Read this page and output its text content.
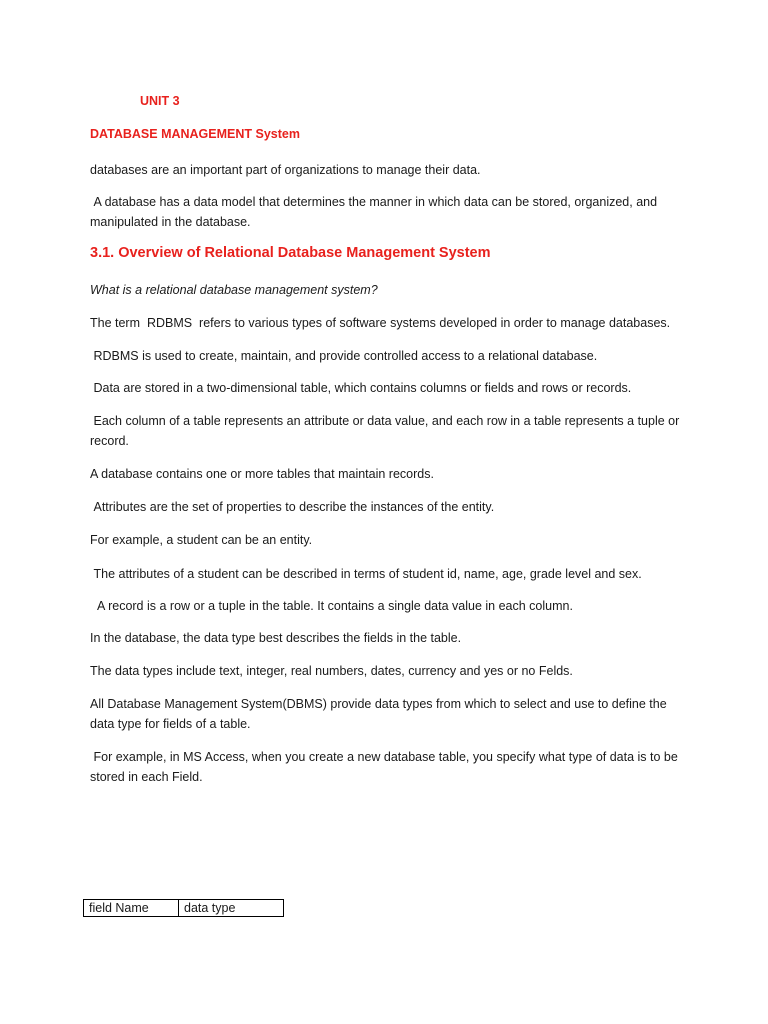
UNIT 3
DATABASE MANAGEMENT System
databases are an important part of organizations to manage their data.
A database has a data model that determines the manner in which data can be stored, organized, and manipulated in the database.
3.1. Overview of Relational Database Management System
What is a relational database management system?
The term  RDBMS  refers to various types of software systems developed in order to manage databases.
RDBMS is used to create, maintain, and provide controlled access to a relational database.
Data are stored in a two-dimensional table, which contains columns or fields and rows or records.
Each column of a table represents an attribute or data value, and each row in a table represents a tuple or record.
A database contains one or more tables that maintain records.
Attributes are the set of properties to describe the instances of the entity.
For example, a student can be an entity.
The attributes of a student can be described in terms of student id, name, age, grade level and sex.
A record is a row or a tuple in the table. It contains a single data value in each column.
In the database, the data type best describes the fields in the table.
The data types include text, integer, real numbers, dates, currency and yes or no Felds.
All Database Management System(DBMS) provide data types from which to select and use to define the data type for fields of a table.
For example, in MS Access, when you create a new database table, you specify what type of data is to be stored in each Field.
field Name	data type
